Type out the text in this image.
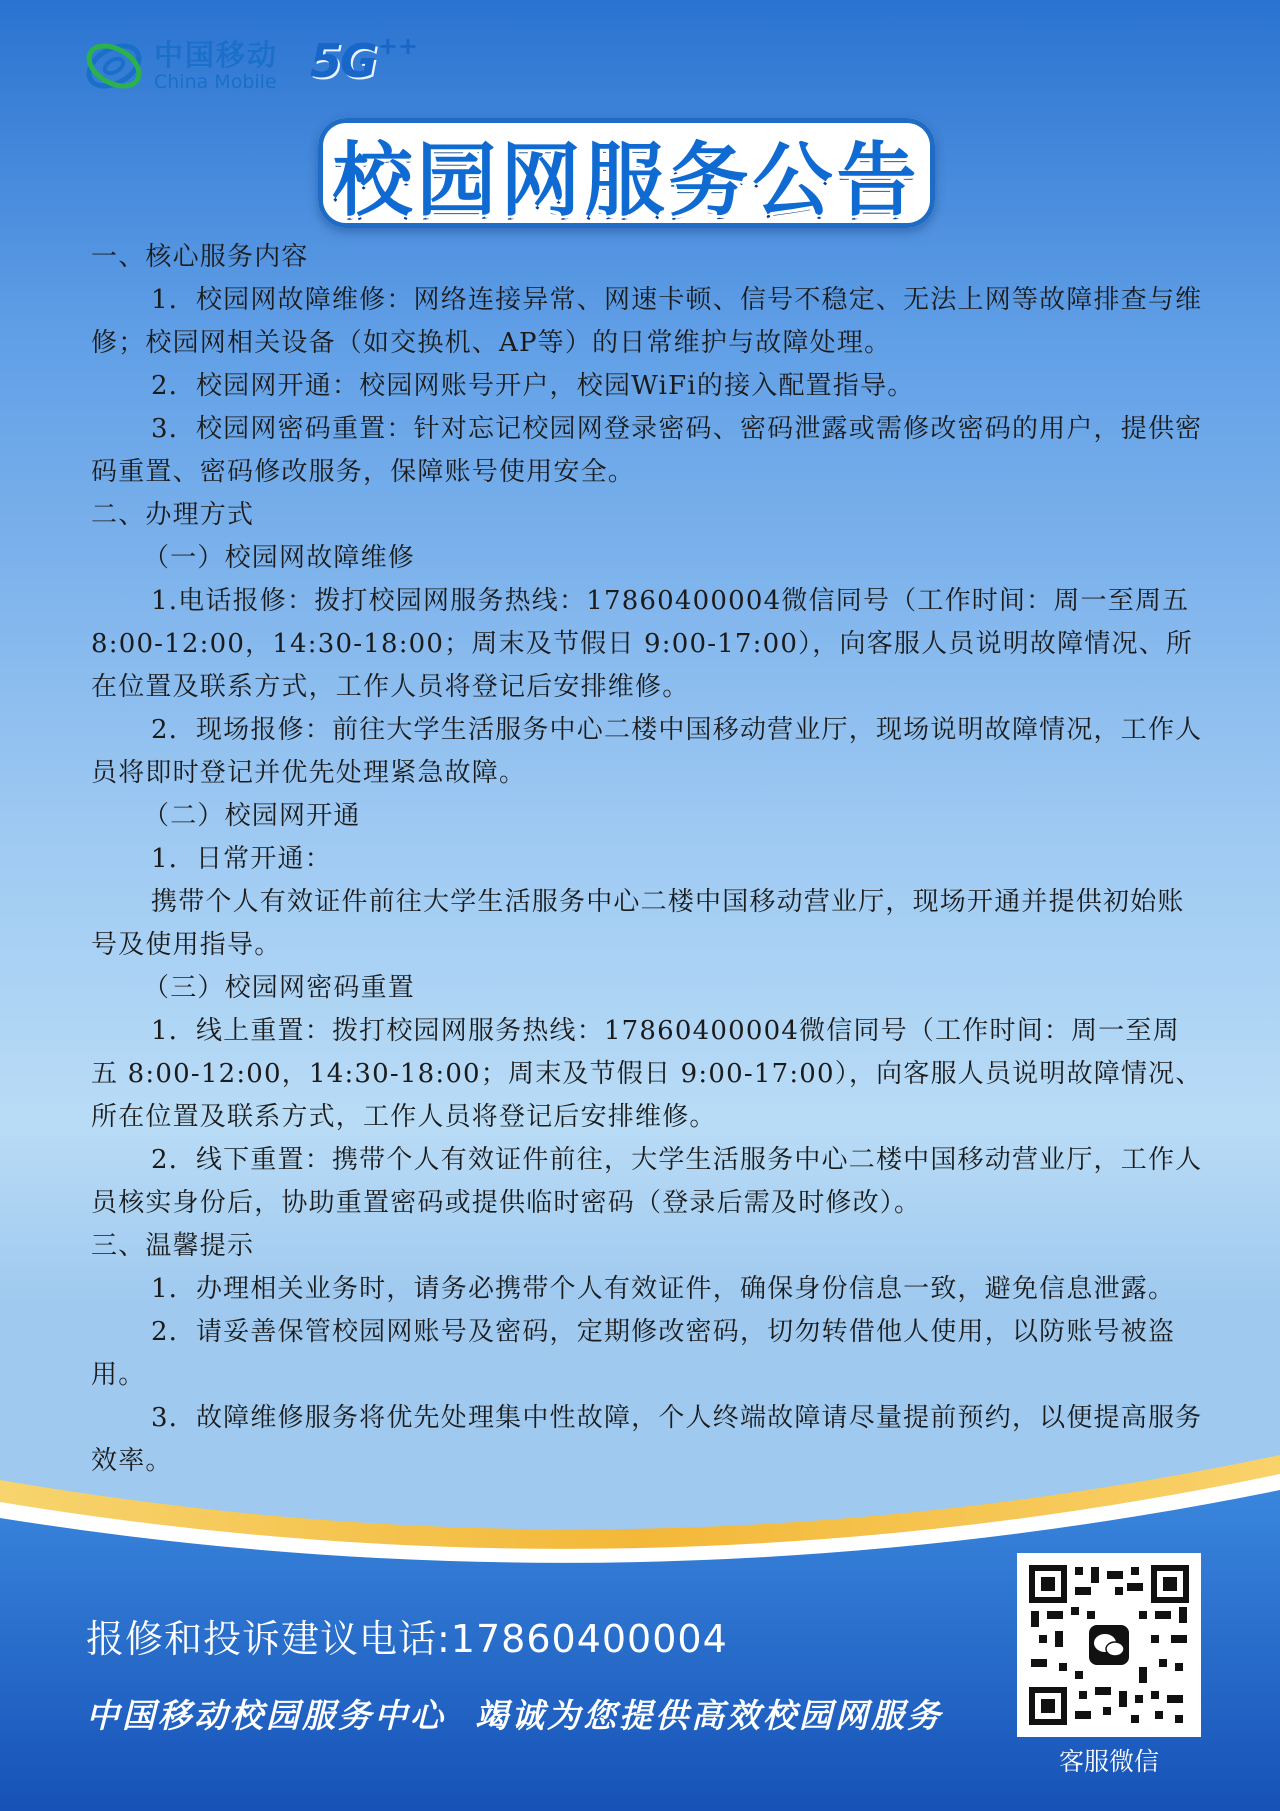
中国移动
China Mobile 5G ++
校园网服务公告

一、核心服务内容

1．校园网故障维修：网络连接异常、网速卡顿、信号不稳定、无法上网等故障排查与维修；校园网相关设备（如交换机、AP等）的日常维护与故障处理。

2．校园网开通：校园网账号开户，校园WiFi的接入配置指导。

3．校园网密码重置：针对忘记校园网登录密码、密码泄露或需修改密码的用户，提供密码重置、密码修改服务，保障账号使用安全。

二、办理方式

（一）校园网故障维修

1.电话报修：拨打校园网服务热线：17860400004微信同号（工作时间：周一至周五 8:00-12:00，14:30-18:00；周末及节假日 9:00-17:00），向客服人员说明故障情况、所在位置及联系方式，工作人员将登记后安排维修。

2．现场报修：前往大学生活服务中心二楼中国移动营业厅，现场说明故障情况，工作人员将即时登记并优先处理紧急故障。

（二）校园网开通

1．日常开通：

携带个人有效证件前往大学生活服务中心二楼中国移动营业厅，现场开通并提供初始账号及使用指导。

（三）校园网密码重置

1．线上重置：拨打校园网服务热线：17860400004微信同号（工作时间：周一至周五 8:00-12:00，14:30-18:00；周末及节假日 9:00-17:00），向客服人员说明故障情况、所在位置及联系方式，工作人员将登记后安排维修。

2．线下重置：携带个人有效证件前往，大学生活服务中心二楼中国移动营业厅，工作人员核实身份后，协助重置密码或提供临时密码（登录后需及时修改）。

三、温馨提示

1．办理相关业务时，请务必携带个人有效证件，确保身份信息一致，避免信息泄露。

2．请妥善保管校园网账号及密码，定期修改密码，切勿转借他人使用，以防账号被盗用。

3．故障维修服务将优先处理集中性故障，个人终端故障请尽量提前预约，以便提高服务效率。

报修和投诉建议电话:17860400004
中国移动校园服务中心  竭诚为您提供高效校园网服务
客服微信
